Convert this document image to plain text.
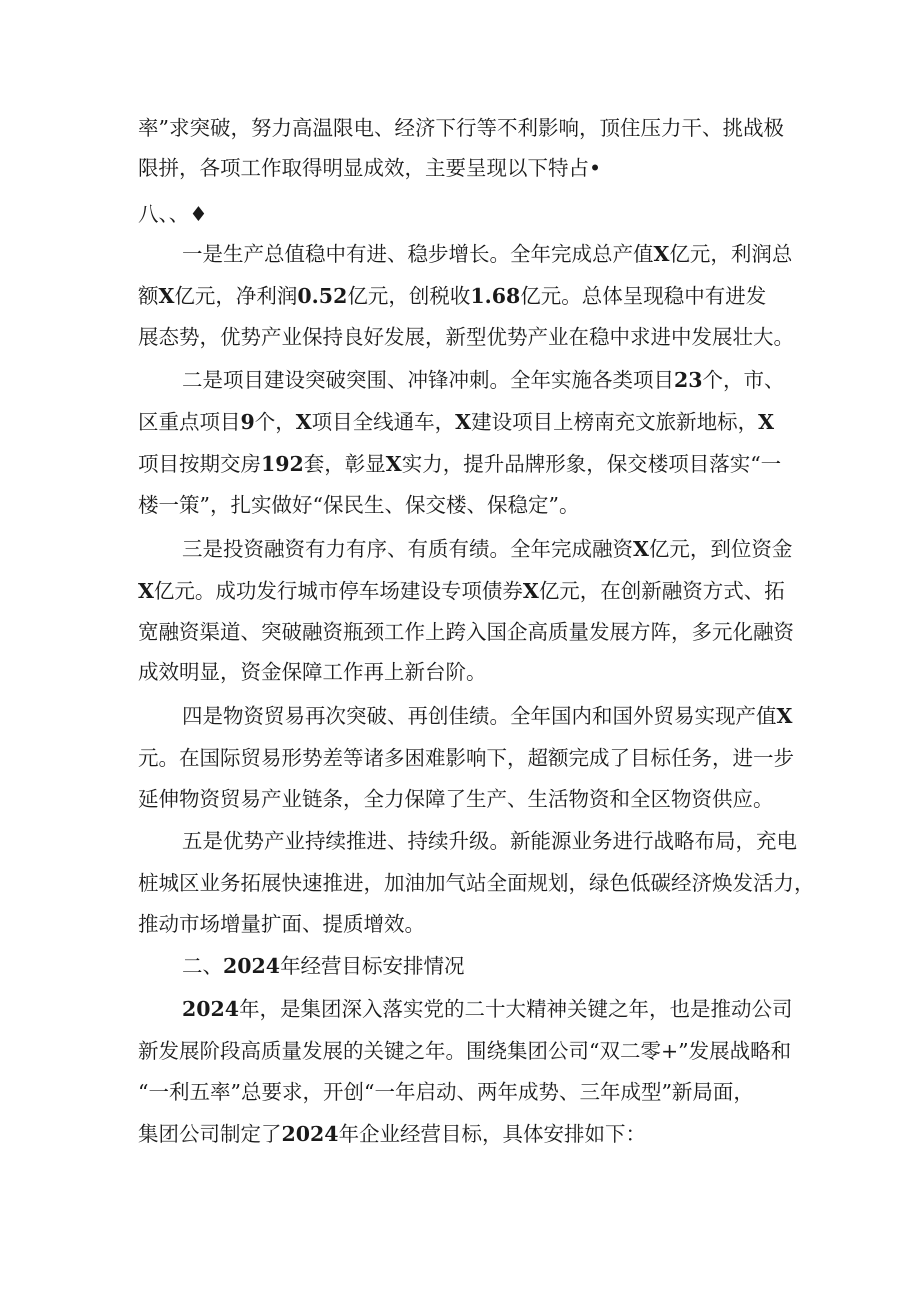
率”求突破，努力高温限电、经济下行等不利影响，顶住压力干、挑战极
限拼，各项工作取得明显成效，主要呈现以下特占•
八、、♦
一是生产总值稳中有进、稳步增长。全年完成总产值X亿元，利润总
额X亿元，净利润0.52亿元，创税收1.68亿元。总体呈现稳中有进发
展态势，优势产业保持良好发展，新型优势产业在稳中求进中发展壮大。
二是项目建设突破突围、冲锋冲刺。全年实施各类项目23个，市、
区重点项目9个，X项目全线通车，X建设项目上榜南充文旅新地标，X
项目按期交房192套，彰显X实力，提升品牌形象，保交楼项目落实“一
楼一策”，扎实做好“保民生、保交楼、保稳定”。
三是投资融资有力有序、有质有绩。全年完成融资X亿元，到位资金
X亿元。成功发行城市停车场建设专项债券X亿元，在创新融资方式、拓
宽融资渠道、突破融资瓶颈工作上跨入国企高质量发展方阵，多元化融资
成效明显，资金保障工作再上新台阶。
四是物资贸易再次突破、再创佳绩。全年国内和国外贸易实现产值X
元。在国际贸易形势差等诸多困难影响下，超额完成了目标任务，进一步
延伸物资贸易产业链条，全力保障了生产、生活物资和全区物资供应。
五是优势产业持续推进、持续升级。新能源业务进行战略布局，充电
桩城区业务拓展快速推进，加油加气站全面规划，绿色低碳经济焕发活力，
推动市场增量扩面、提质增效。
二、2024年经营目标安排情况
2024年，是集团深入落实党的二十大精神关键之年，也是推动公司
新发展阶段高质量发展的关键之年。围绕集团公司“双二零+”发展战略和
“一利五率”总要求，开创“一年启动、两年成势、三年成型”新局面，
集团公司制定了2024年企业经营目标，具体安排如下：
